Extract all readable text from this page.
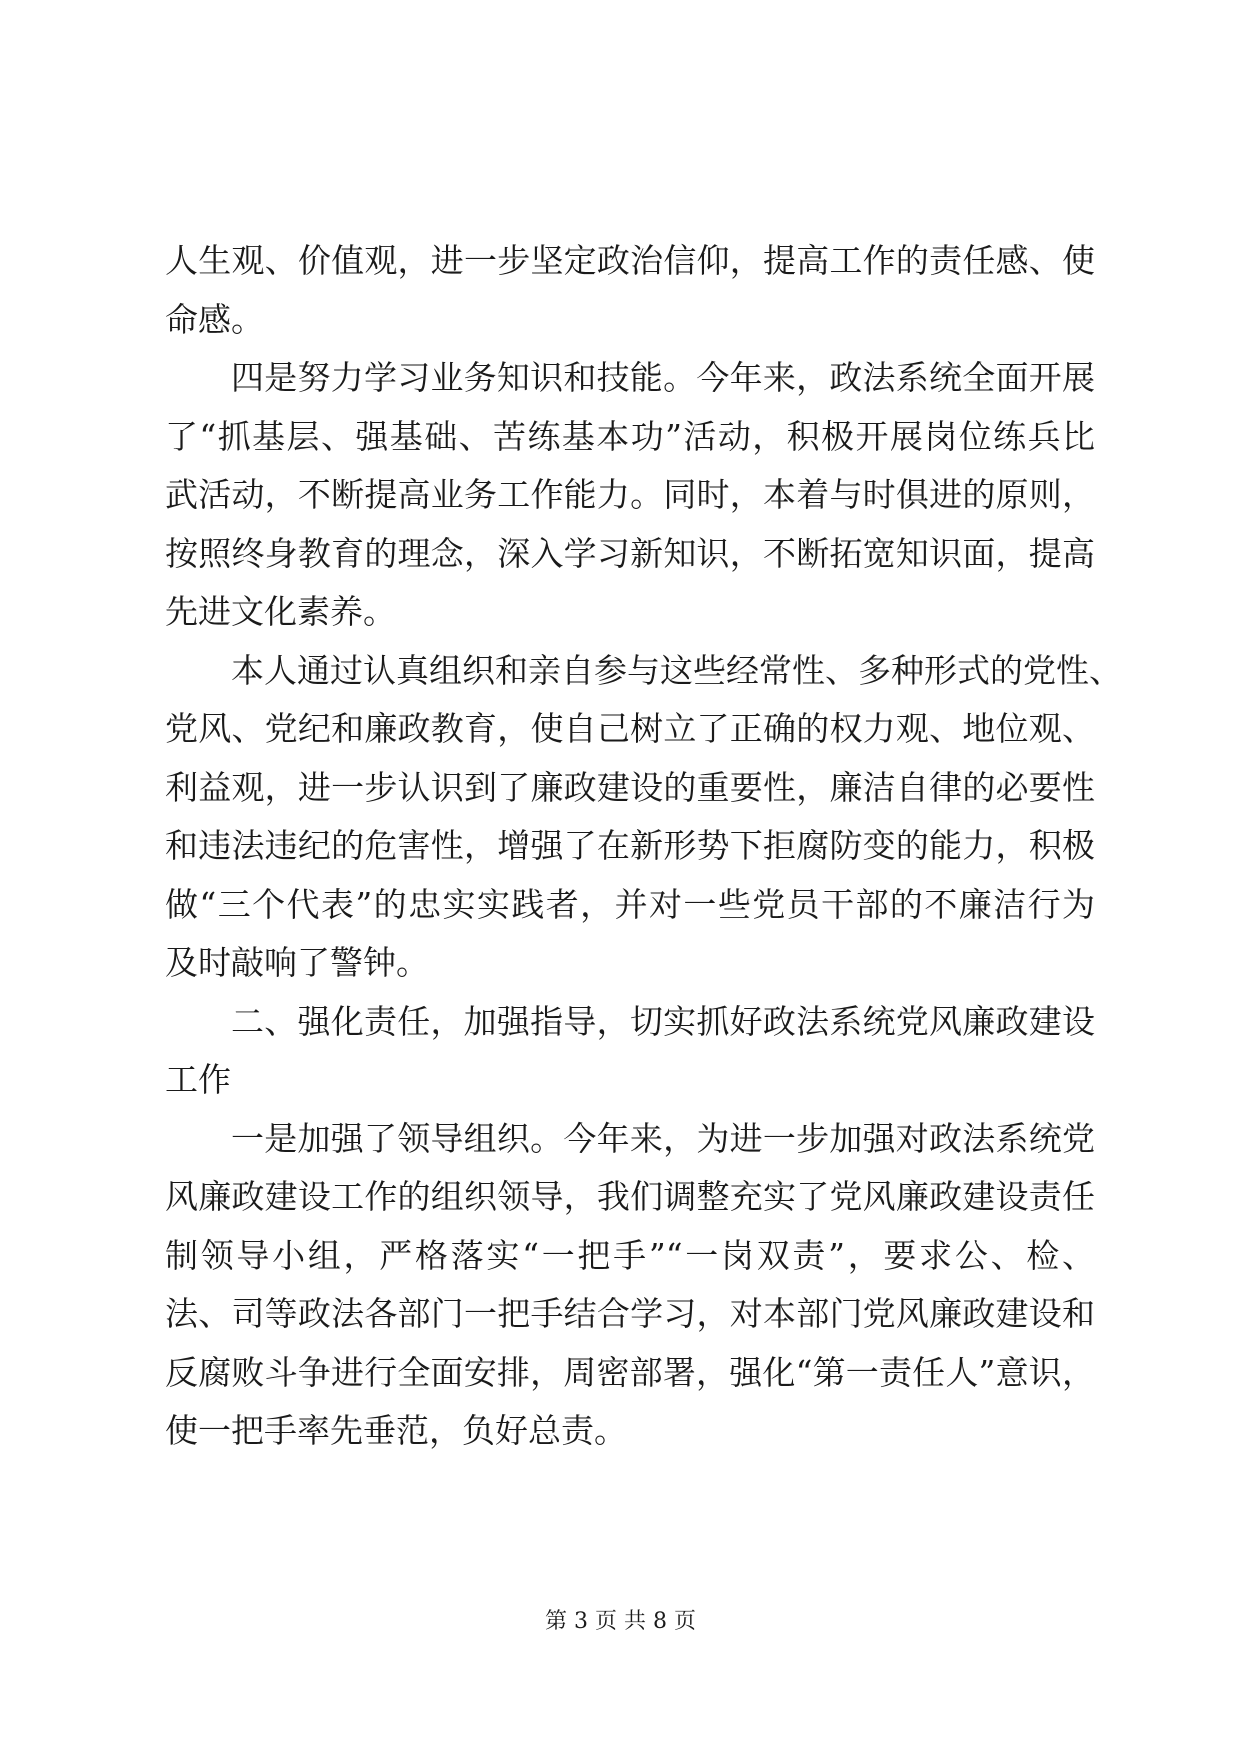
人生观、价值观，进一步坚定政治信仰，提高工作的责任感、使
命感。
四是努力学习业务知识和技能。今年来，政法系统全面开展
了“抓基层、强基础、苦练基本功”活动，积极开展岗位练兵比
武活动，不断提高业务工作能力。同时，本着与时俱进的原则，
按照终身教育的理念，深入学习新知识，不断拓宽知识面，提高
先进文化素养。
本人通过认真组织和亲自参与这些经常性、多种形式的党性、
党风、党纪和廉政教育，使自己树立了正确的权力观、地位观、
利益观，进一步认识到了廉政建设的重要性，廉洁自律的必要性
和违法违纪的危害性，增强了在新形势下拒腐防变的能力，积极
做“三个代表”的忠实实践者，并对一些党员干部的不廉洁行为
及时敲响了警钟。
二、强化责任，加强指导，切实抓好政法系统党风廉政建设
工作
一是加强了领导组织。今年来，为进一步加强对政法系统党
风廉政建设工作的组织领导，我们调整充实了党风廉政建设责任
制领导小组，严格落实“一把手”“一岗双责”，要求公、检、
法、司等政法各部门一把手结合学习，对本部门党风廉政建设和
反腐败斗争进行全面安排，周密部署，强化“第一责任人”意识，
使一把手率先垂范，负好总责。
第 3 页 共 8 页
